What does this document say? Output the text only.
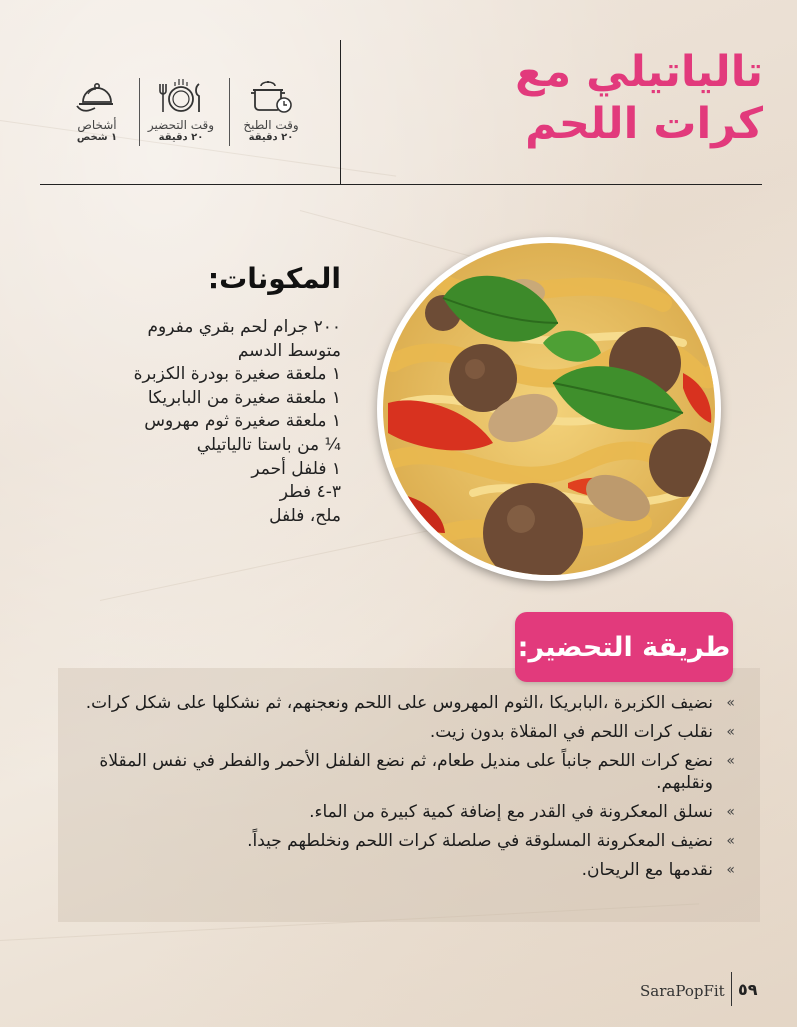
تالياتيلي مع كرات اللحم
وقت الطبخ
٢٠ دقيقة
وقت التحضير
٢٠ دقيقة
أشخاص
١ شخص
المكونات:
٢٠٠ جرام لحم بقري مفروم
متوسط الدسم
١ ملعقة صغيرة بودرة الكزبرة
١ ملعقة صغيرة من البابريكا
١ ملعقة صغيرة ثوم مهروس
¼ من باستا تالياتيلي
١ فلفل أحمر
٣-٤ فطر
ملح، فلفل
طريقة التحضير:
»
نضيف الكزبرة ،البابريكا ،الثوم المهروس على اللحم ونعجنهم، ثم نشكلها على شكل كرات.
»
نقلب كرات اللحم في المقلاة بدون زيت.
»
نضع كرات اللحم جانباً على منديل طعام، ثم نضع الفلفل الأحمر والفطر في نفس المقلاة ونقلبهم.
»
نسلق المعكرونة في القدر مع إضافة كمية كبيرة من الماء.
»
نضيف المعكرونة المسلوقة في صلصلة كرات اللحم ونخلطهم جيداً.
»
نقدمها مع الريحان.
SaraPopFit ٥٩
